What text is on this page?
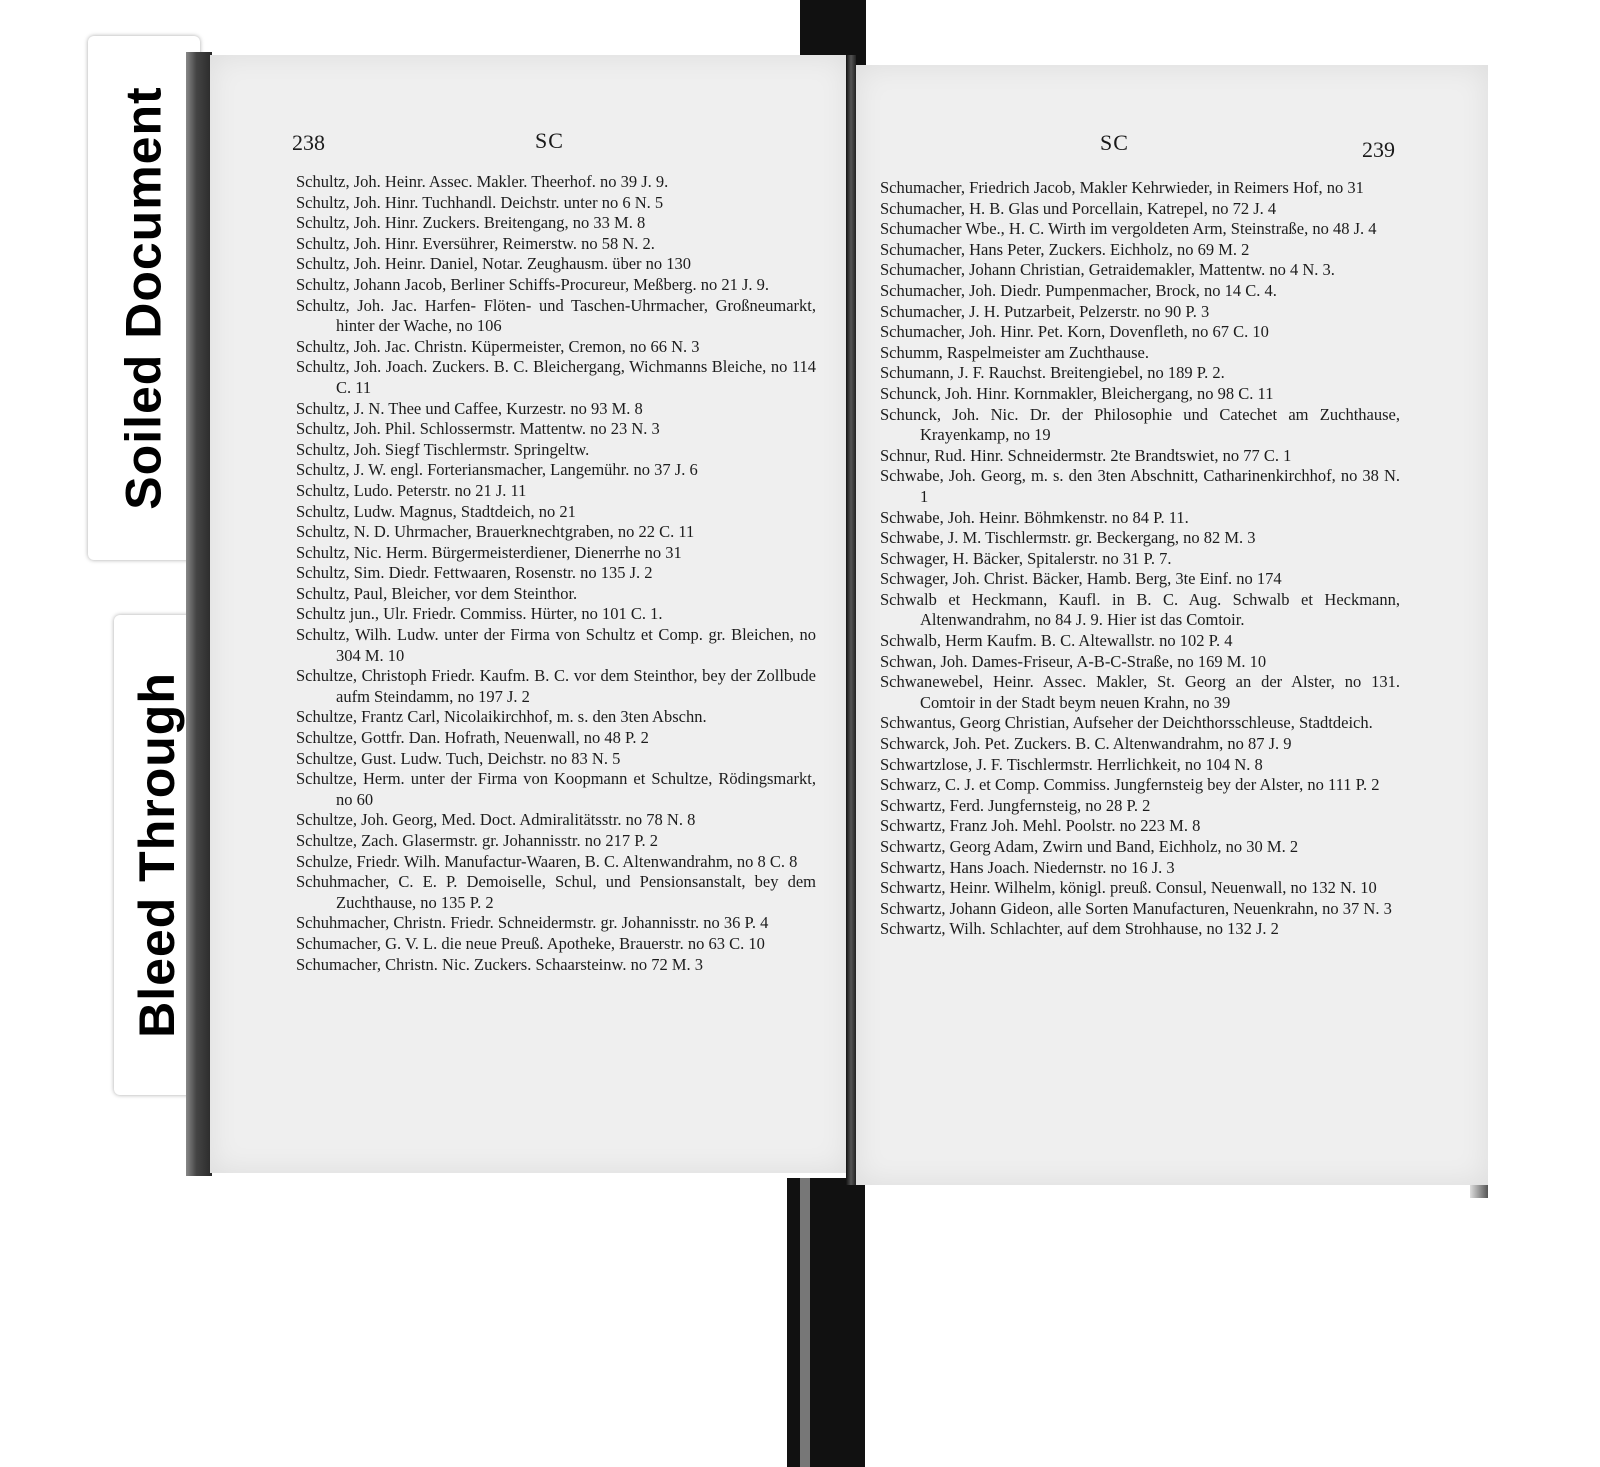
Soiled Document
Bleed Through
238	SC	SC	239
Schultz, Joh. Heinr. Assec. Makler. Theerhof. no 39 J. 9.
Schultz, Joh. Hinr. Tuchhandl. Deichstr. unter no 6 N. 5
Schultz, Joh. Hinr. Zuckers. Breitengang, no 33 M. 8
Schultz, Joh. Hinr. Eversührer, Reimerstw. no 58 N. 2.
Schultz, Joh. Heinr. Daniel, Notar. Zeughausm. über no 130
Schultz, Johann Jacob, Berliner Schiffs-Procureur, Meßberg. no 21 J. 9.
Schultz, Joh. Jac. Harfen- Flöten- und Taschen-Uhrmacher, Großneumarkt, hinter der Wache, no 106
Schultz, Joh. Jac. Christn. Küpermeister, Cremon, no 66 N. 3
Schultz, Joh. Joach. Zuckers. B. C. Bleichergang, Wichmanns Bleiche, no 114 C. 11
Schultz, J. N. Thee und Caffee, Kurzestr. no 93 M. 8
Schultz, Joh. Phil. Schlossermstr. Mattentw. no 23 N. 3
Schultz, Joh. Siegf Tischlermstr. Springeltw.
Schultz, J. W. engl. Forteriansmacher, Langemühr. no 37 J. 6
Schultz, Ludo. Peterstr. no 21 J. 11
Schultz, Ludw. Magnus, Stadtdeich, no 21
Schultz, N. D. Uhrmacher, Brauerknechtgraben, no 22 C. 11
Schultz, Nic. Herm. Bürgermeisterdiener, Dienerrhe no 31
Schultz, Sim. Diedr. Fettwaaren, Rosenstr. no 135 J. 2
Schultz, Paul, Bleicher, vor dem Steinthor.
Schultz jun., Ulr. Friedr. Commiss. Hürter, no 101 C. 1.
Schultz, Wilh. Ludw. unter der Firma von Schultz et Comp. gr. Bleichen, no 304 M. 10
Schultze, Christoph Friedr. Kaufm. B. C. vor dem Steinthor, bey der Zollbude aufm Steindamm, no 197 J. 2
Schultze, Frantz Carl, Nicolaikirchhof, m. s. den 3ten Abschn.
Schultze, Gottfr. Dan. Hofrath, Neuenwall, no 48 P. 2
Schultze, Gust. Ludw. Tuch, Deichstr. no 83 N. 5
Schultze, Herm. unter der Firma von Koopmann et Schultze, Rödingsmarkt, no 60
Schultze, Joh. Georg, Med. Doct. Admiralitätsstr. no 78 N. 8
Schultze, Zach. Glasermstr. gr. Johannisstr. no 217 P. 2
Schulze, Friedr. Wilh. Manufactur-Waaren, B. C. Altenwandrahm, no 8 C. 8
Schuhmacher, C. E. P. Demoiselle, Schul, und Pensionsanstalt, bey dem Zuchthause, no 135 P. 2
Schuhmacher, Christn. Friedr. Schneidermstr. gr. Johannisstr. no 36 P. 4
Schumacher, G. V. L. die neue Preuß. Apotheke, Brauerstr. no 63 C. 10
Schumacher, Christn. Nic. Zuckers. Schaarsteinw. no 72 M. 3
Schumacher, Friedrich Jacob, Makler Kehrwieder, in Reimers Hof, no 31
Schumacher, H. B. Glas und Porcellain, Katrepel, no 72 J. 4
Schumacher Wbe., H. C. Wirth im vergoldeten Arm, Steinstraße, no 48 J. 4
Schumacher, Hans Peter, Zuckers. Eichholz, no 69 M. 2
Schumacher, Johann Christian, Getraidemakler, Mattentw. no 4 N. 3.
Schumacher, Joh. Diedr. Pumpenmacher, Brock, no 14 C. 4.
Schumacher, J. H. Putzarbeit, Pelzerstr. no 90 P. 3
Schumacher, Joh. Hinr. Pet. Korn, Dovenfleth, no 67 C. 10
Schumm, Raspelmeister am Zuchthause.
Schumann, J. F. Rauchst. Breitengiebel, no 189 P. 2.
Schunck, Joh. Hinr. Kornmakler, Bleichergang, no 98 C. 11
Schunck, Joh. Nic. Dr. der Philosophie und Catechet am Zuchthause, Krayenkamp, no 19
Schnur, Rud. Hinr. Schneidermstr. 2te Brandtswiet, no 77 C. 1
Schwabe, Joh. Georg, m. s. den 3ten Abschnitt, Catharinenkirchhof, no 38 N. 1
Schwabe, Joh. Heinr. Böhmkenstr. no 84 P. 11.
Schwabe, J. M. Tischlermstr. gr. Beckergang, no 82 M. 3
Schwager, H. Bäcker, Spitalerstr. no 31 P. 7.
Schwager, Joh. Christ. Bäcker, Hamb. Berg, 3te Einf. no 174
Schwalb et Heckmann, Kaufl. in B. C. Aug. Schwalb et Heckmann, Altenwandrahm, no 84 J. 9. Hier ist das Comtoir.
Schwalb, Herm Kaufm. B. C. Altewallstr. no 102 P. 4
Schwan, Joh. Dames-Friseur, A-B-C-Straße, no 169 M. 10
Schwanewebel, Heinr. Assec. Makler, St. Georg an der Alster, no 131. Comtoir in der Stadt beym neuen Krahn, no 39
Schwantus, Georg Christian, Aufseher der Deichthorsschleuse, Stadtdeich.
Schwarck, Joh. Pet. Zuckers. B. C. Altenwandrahm, no 87 J. 9
Schwartzlose, J. F. Tischlermstr. Herrlichkeit, no 104 N. 8
Schwarz, C. J. et Comp. Commiss. Jungfernsteig bey der Alster, no 111 P. 2
Schwartz, Ferd. Jungfernsteig, no 28 P. 2
Schwartz, Franz Joh. Mehl. Poolstr. no 223 M. 8
Schwartz, Georg Adam, Zwirn und Band, Eichholz, no 30 M. 2
Schwartz, Hans Joach. Niedernstr. no 16 J. 3
Schwartz, Heinr. Wilhelm, königl. preuß. Consul, Neuenwall, no 132 N. 10
Schwartz, Johann Gideon, alle Sorten Manufacturen, Neuenkrahn, no 37 N. 3
Schwartz, Wilh. Schlachter, auf dem Strohhause, no 132 J. 2
